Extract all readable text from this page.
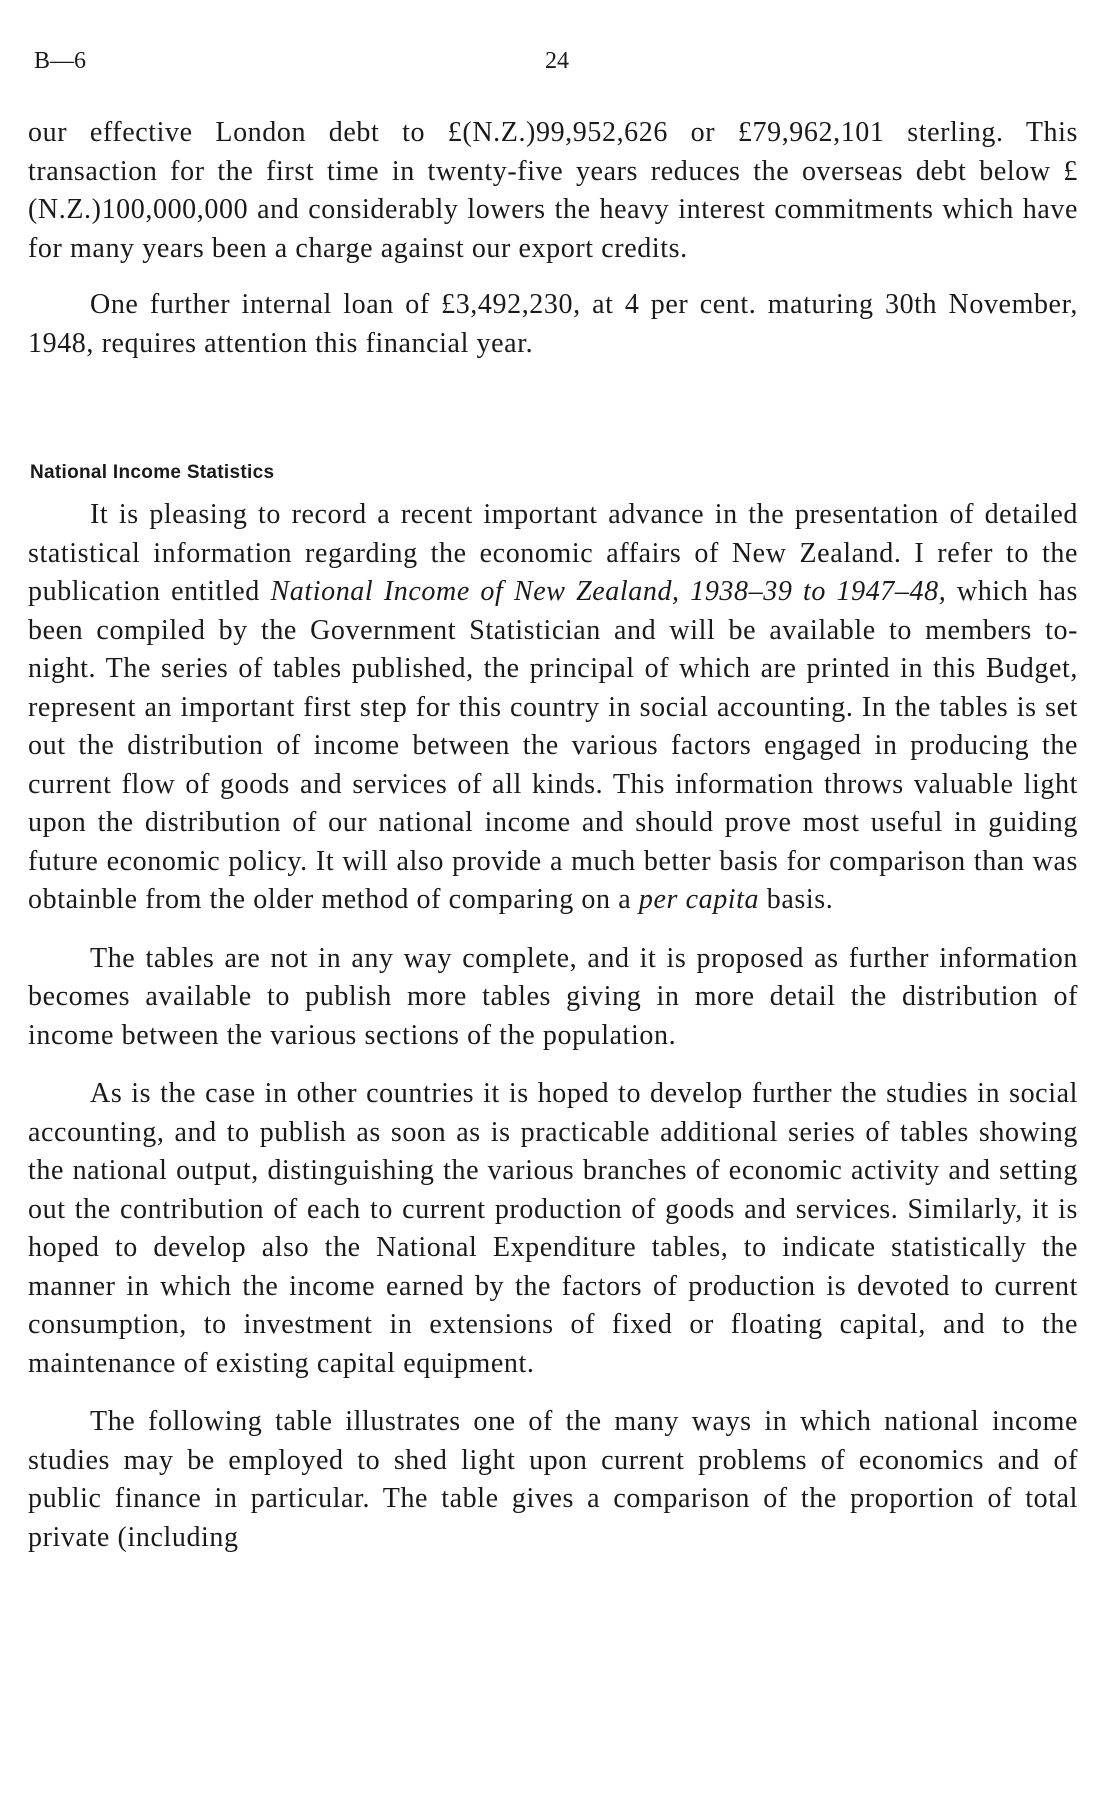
B—6	24

our effective London debt to £(N.Z.)99,952,626 or £79,962,101 sterling. This transaction for the first time in twenty-five years reduces the overseas debt below £(N.Z.)100,000,000 and considerably lowers the heavy interest commitments which have for many years been a charge against our export credits.

One further internal loan of £3,492,230, at 4 per cent. maturing 30th November, 1948, requires attention this financial year.

National Income Statistics

It is pleasing to record a recent important advance in the presentation of detailed statistical information regarding the economic affairs of New Zealand. I refer to the publication entitled National Income of New Zealand, 1938–39 to 1947–48, which has been compiled by the Government Statistician and will be available to members to-night. The series of tables published, the principal of which are printed in this Budget, represent an important first step for this country in social accounting. In the tables is set out the distribution of income between the various factors engaged in producing the current flow of goods and services of all kinds. This information throws valuable light upon the distribution of our national income and should prove most useful in guiding future economic policy. It will also provide a much better basis for comparison than was obtainble from the older method of comparing on a per capita basis.

The tables are not in any way complete, and it is proposed as further information becomes available to publish more tables giving in more detail the distribution of income between the various sections of the population.

As is the case in other countries it is hoped to develop further the studies in social accounting, and to publish as soon as is practicable additional series of tables showing the national output, distinguishing the various branches of economic activity and setting out the contribution of each to current production of goods and services. Similarly, it is hoped to develop also the National Expenditure tables, to indicate statistically the manner in which the income earned by the factors of production is devoted to current consumption, to investment in extensions of fixed or floating capital, and to the maintenance of existing capital equipment.

The following table illustrates one of the many ways in which national income studies may be employed to shed light upon current problems of economics and of public finance in particular. The table gives a comparison of the proportion of total private (including
